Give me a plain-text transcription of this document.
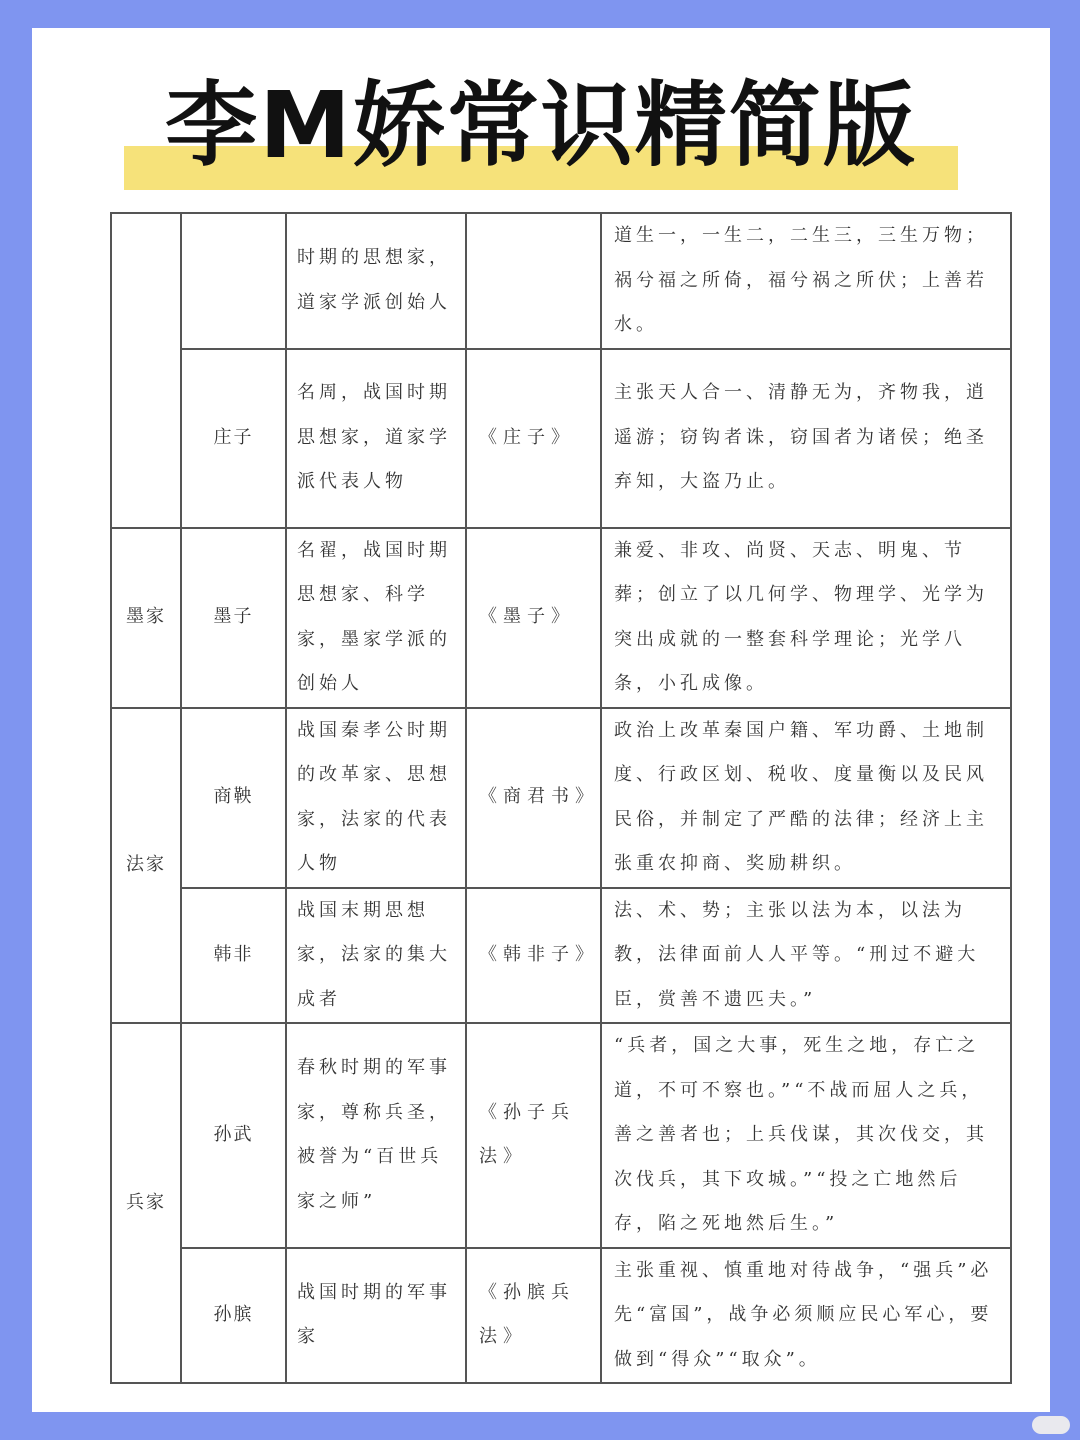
李M娇常识精简版
		时期的思想家，道家学派创始人		道生一，一生二，二生三，三生万物；祸兮福之所倚，福兮祸之所伏；上善若水。
	庄子	名周，战国时期思想家，道家学派代表人物	《庄子》	主张天人合一、清静无为，齐物我，逍遥游；窃钩者诛，窃国者为诸侯；绝圣弃知，大盗乃止。
墨家	墨子	名翟，战国时期思想家、科学家，墨家学派的创始人	《墨子》	兼爱、非攻、尚贤、天志、明鬼、节葬；创立了以几何学、物理学、光学为突出成就的一整套科学理论；光学八条，小孔成像。
法家	商鞅	战国秦孝公时期的改革家、思想家，法家的代表人物	《商君书》	政治上改革秦国户籍、军功爵、土地制度、行政区划、税收、度量衡以及民风民俗，并制定了严酷的法律；经济上主张重农抑商、奖励耕织。
	韩非	战国末期思想家，法家的集大成者	《韩非子》	法、术、势；主张以法为本，以法为教，法律面前人人平等。“刑过不避大臣，赏善不遗匹夫。”
兵家	孙武	春秋时期的军事家，尊称兵圣，被誉为“百世兵家之师”	《孙子兵法》	“兵者，国之大事，死生之地，存亡之道，不可不察也。”“不战而屈人之兵，善之善者也；上兵伐谋，其次伐交，其次伐兵，其下攻城。”“投之亡地然后存，陷之死地然后生。”
	孙膑	战国时期的军事家	《孙膑兵法》	主张重视、慎重地对待战争，“强兵”必先“富国”，战争必须顺应民心军心，要做到“得众”“取众”。
